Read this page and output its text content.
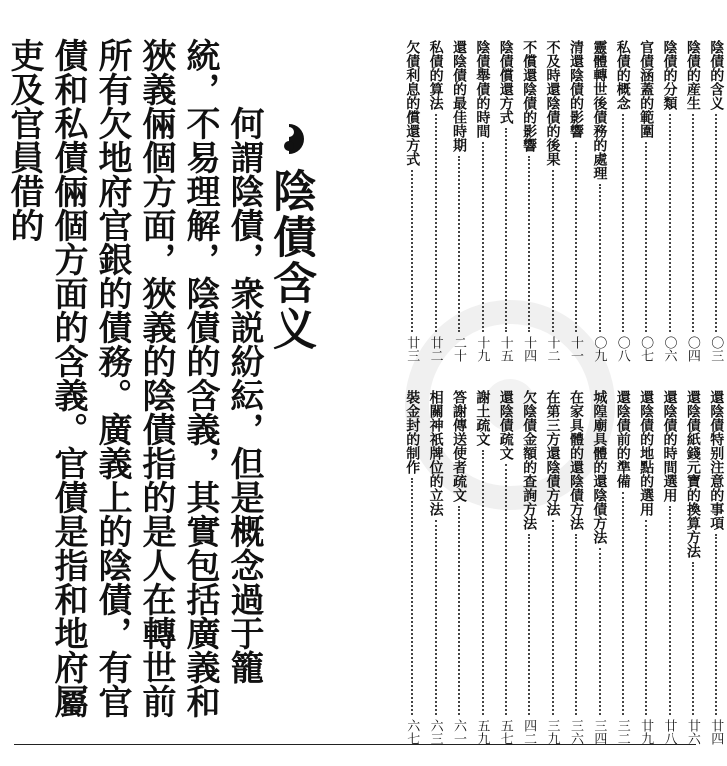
陰債含义

何謂陰債，衆説紛紜，但是概念過于籠統，不易理解，陰債的含義，其實包括廣義和狹義倆個方面，狹義的陰債指的是人在轉世前所有欠地府官銀的債務。廣義上的陰債，有官債和私債倆個方面的含義。官債是指和地府屬吏及官員借的	陰債的含义
〇三
陰債的産生
〇四
陰債的分類
〇六
官債涵蓋的範圍
〇七
私債的概念
〇八
靈體轉世後債務的處理
〇九
清還陰債的影響
十一
不及時還陰債的後果
十二
不償還陰債的影響
十四
陰債償還方式
十五
陰債舉債的時間
十九
還陰債的最佳時期
二十
私債的算法
廿二
欠債利息的償還方式
廿三
還陰債特别注意的事項
廿四
還陰債紙錢元寶的換算方法
廿六
還陰債的時間選用
廿八
還陰債的地點的選用
廿九
還陰債前的準備
三二
城隍廟具體的還陰債方法
三四
在家具體的還陰債方法
三六
在第三方還陰債方法
三九
欠陰債金額的查詢方法
四二
還陰債疏文
五七
謝土疏文
五九
答謝傳送使者疏文
六一
相關神祇牌位的立法
六三
裝金封的制作
六七
